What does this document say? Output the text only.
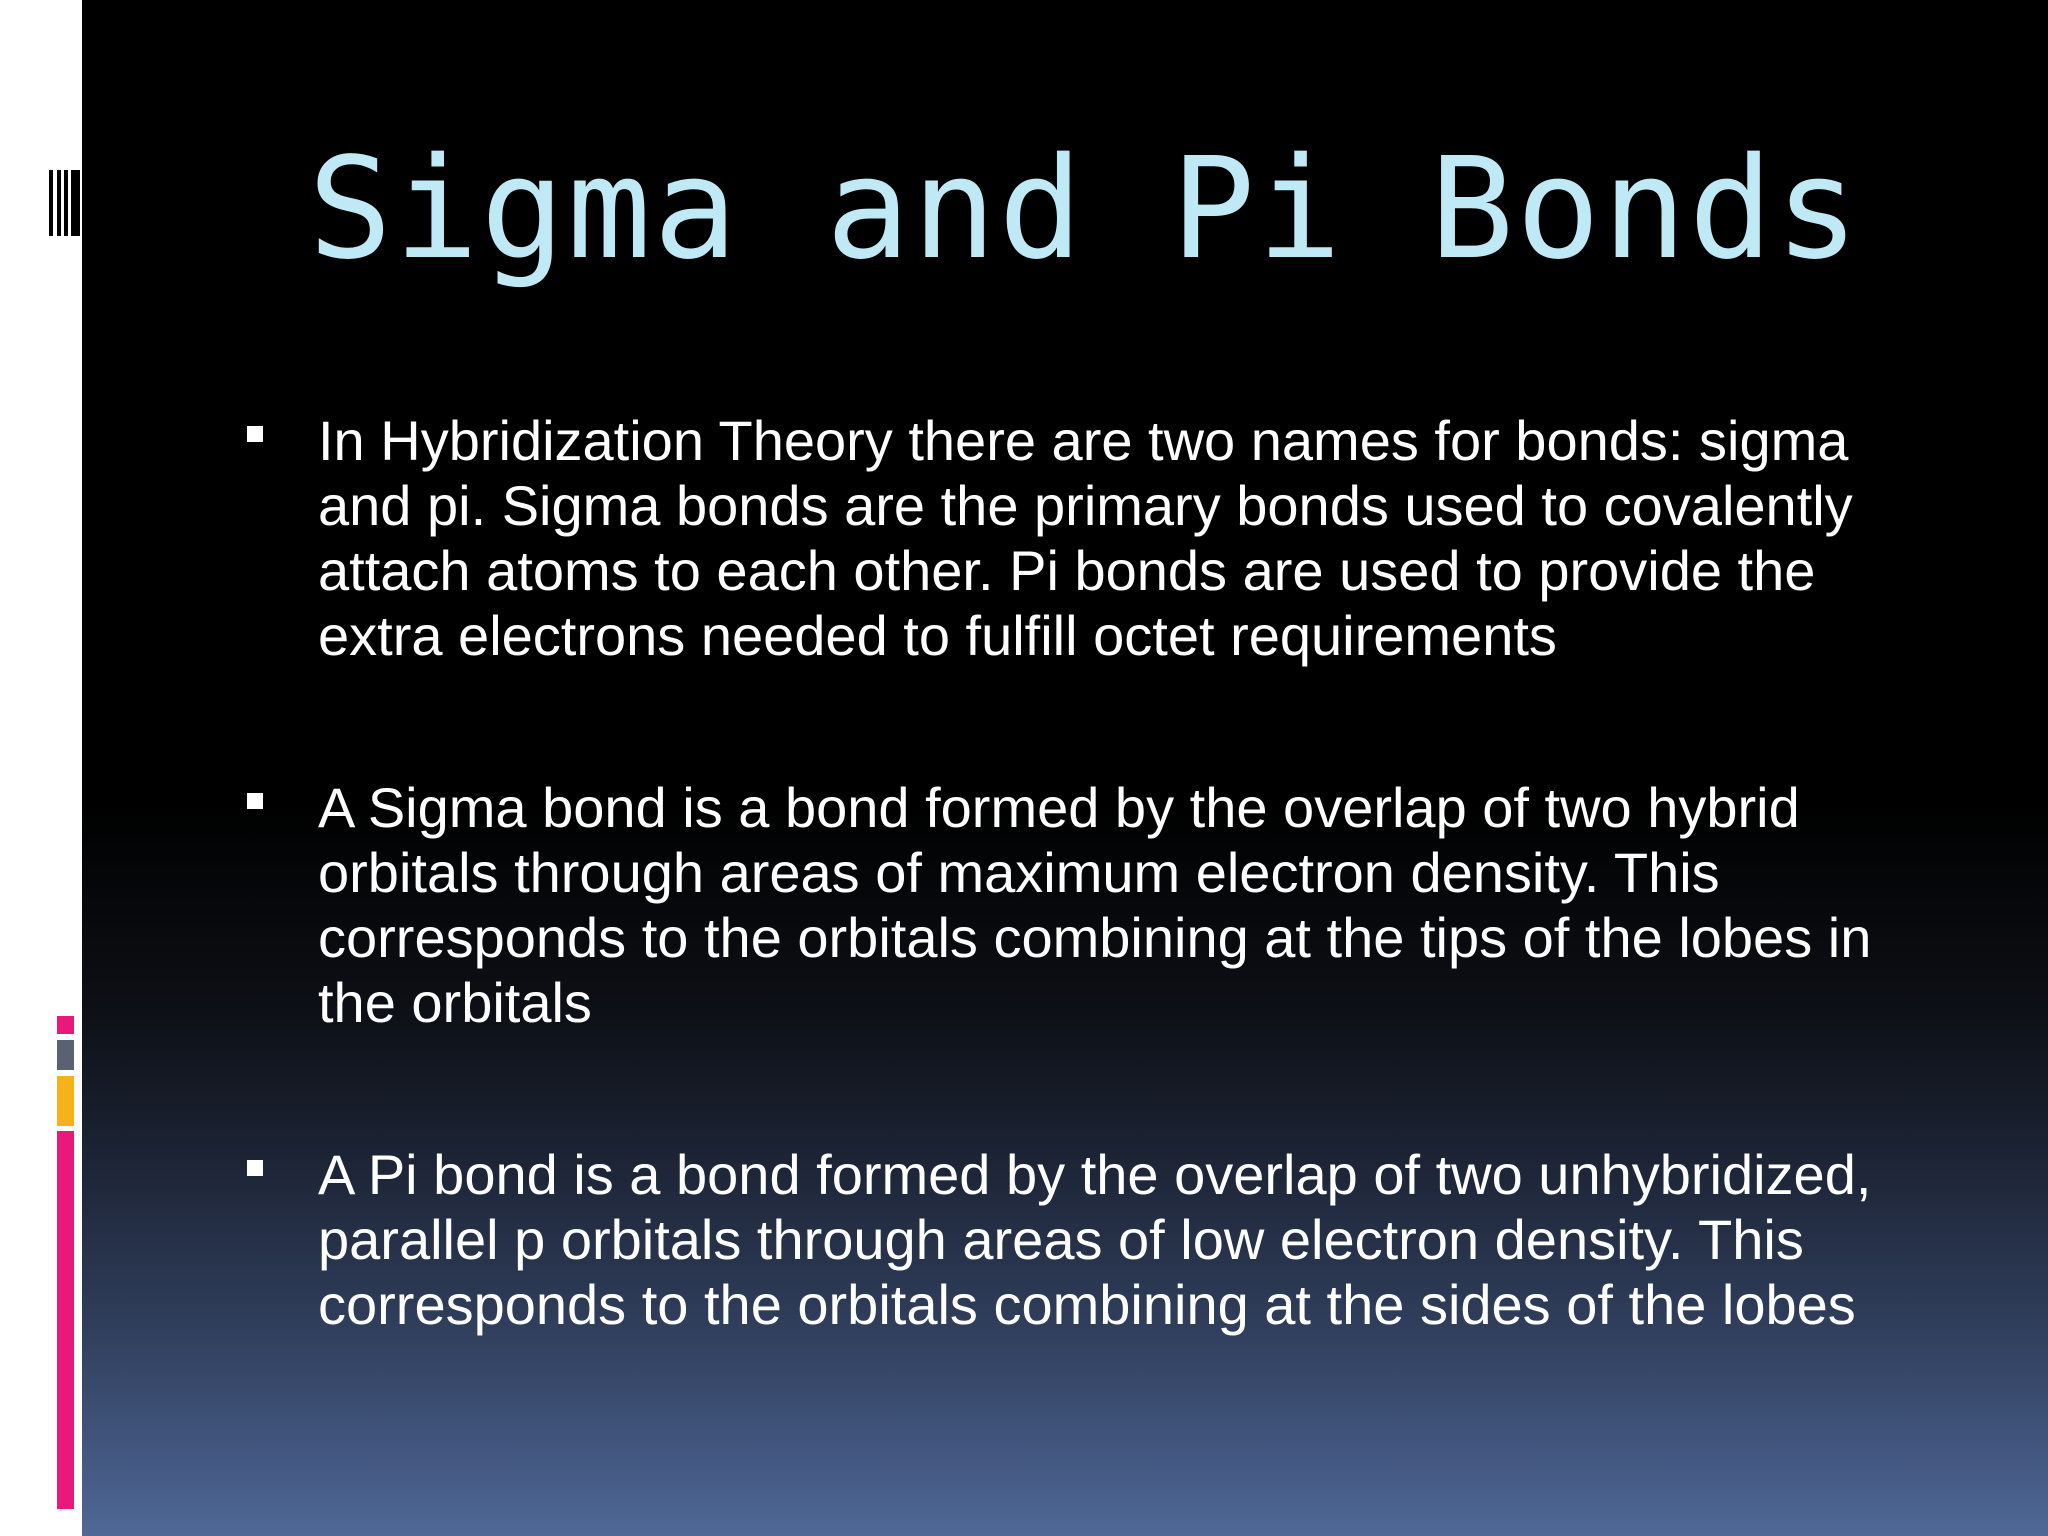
Sigma and Pi Bonds
In Hybridization Theory there are two names for bonds: sigma and pi. Sigma bonds are the primary bonds used to covalently attach atoms to each other. Pi bonds are used to provide the extra electrons needed to fulfill octet requirements
A Sigma bond is a bond formed by the overlap of two hybrid orbitals through areas of maximum electron density. This corresponds to the orbitals combining at the tips of the lobes in the orbitals
A Pi bond is a bond formed by the overlap of two unhybridized, parallel p orbitals through areas of low electron density. This corresponds to the orbitals combining at the sides of the lobes
